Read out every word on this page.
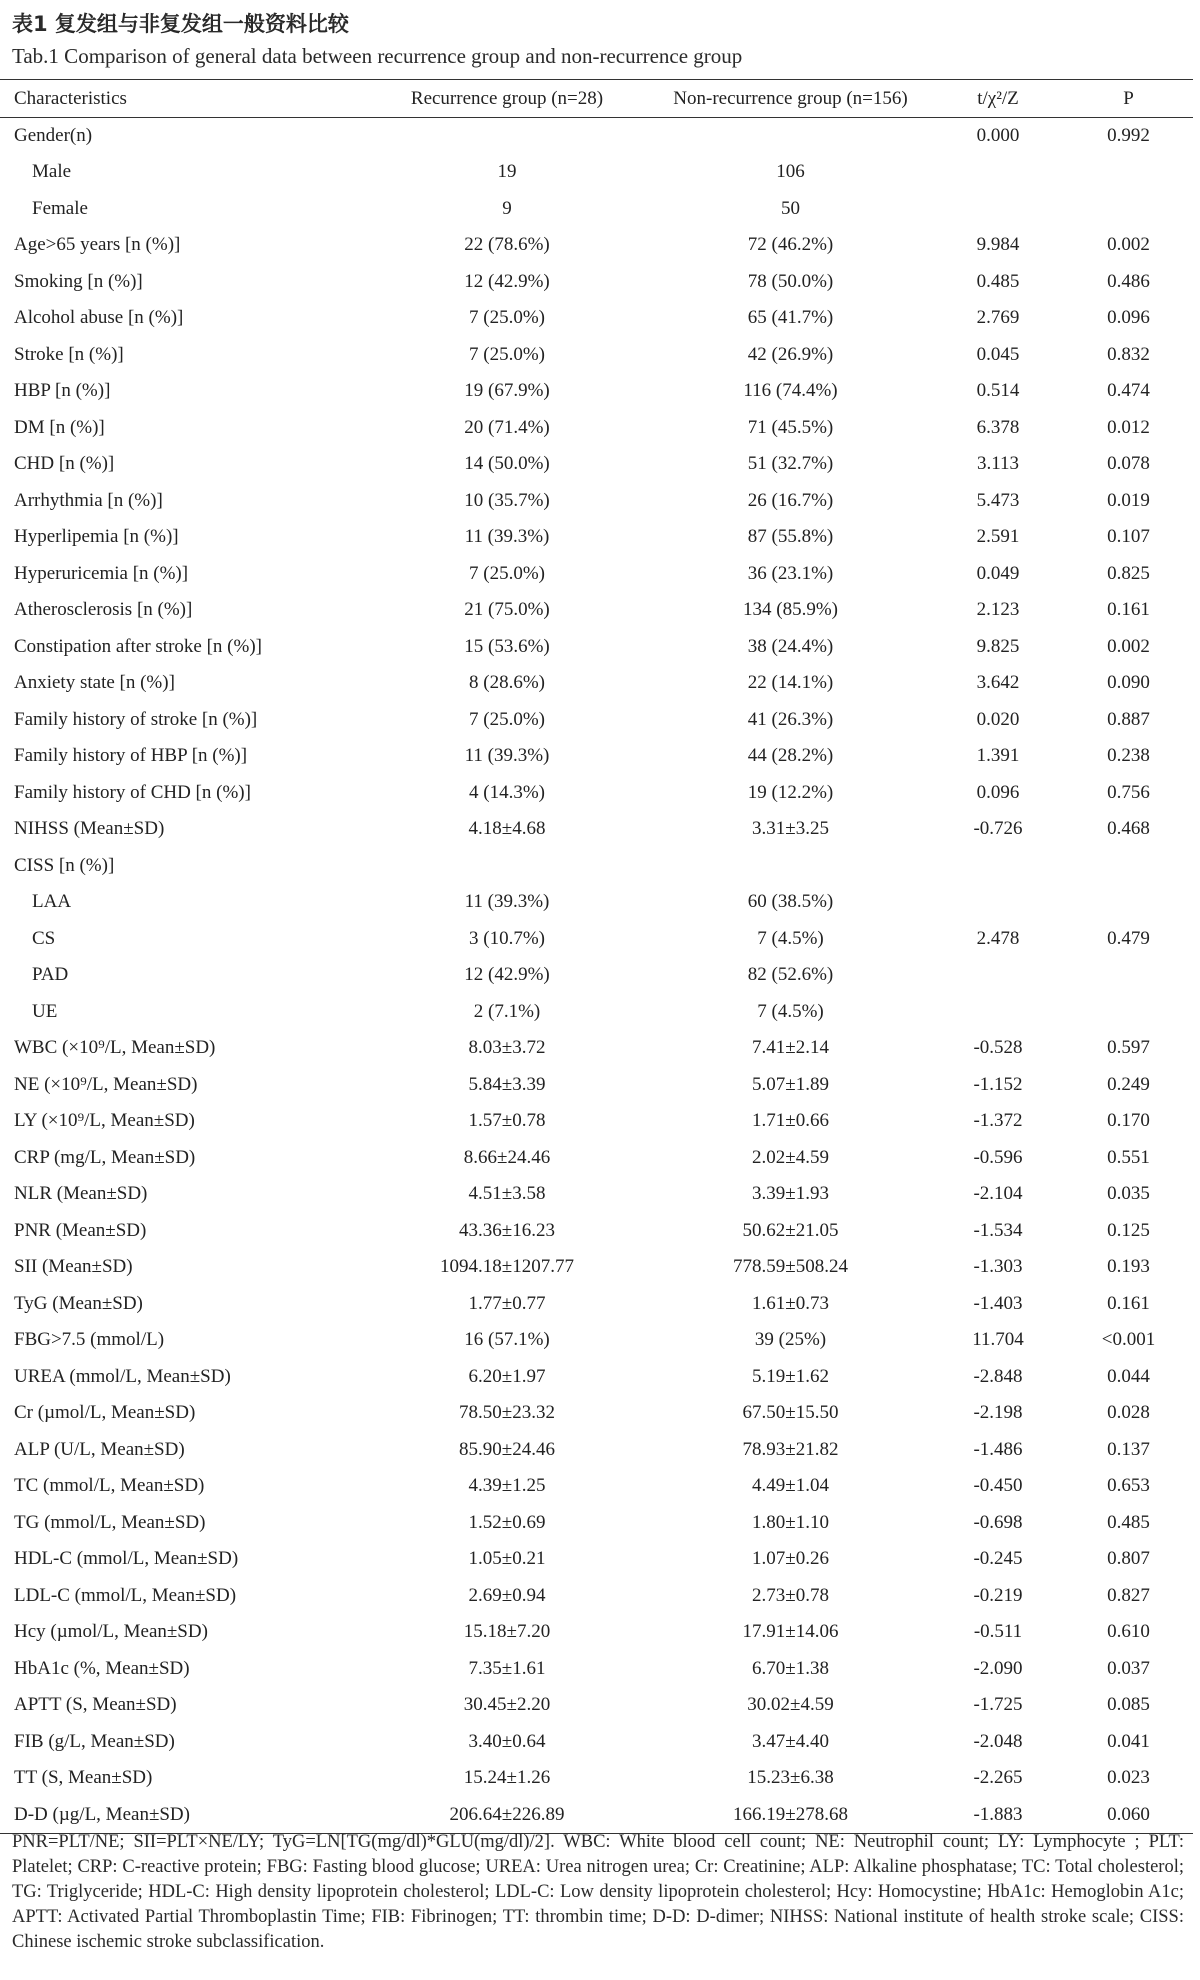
表1 复发组与非复发组一般资料比较
Tab.1 Comparison of general data between recurrence group and non-recurrence group
Characteristics	Recurrence group (n=28)	Non-recurrence group (n=156)	t/χ²/Z	P
Gender(n)			0.000	0.992
Male	19	106		
Female	9	50		
Age>65 years [n (%)]	22 (78.6%)	72 (46.2%)	9.984	0.002
Smoking [n (%)]	12 (42.9%)	78 (50.0%)	0.485	0.486
Alcohol abuse [n (%)]	7 (25.0%)	65 (41.7%)	2.769	0.096
Stroke [n (%)]	7 (25.0%)	42 (26.9%)	0.045	0.832
HBP [n (%)]	19 (67.9%)	116 (74.4%)	0.514	0.474
DM [n (%)]	20 (71.4%)	71 (45.5%)	6.378	0.012
CHD [n (%)]	14 (50.0%)	51 (32.7%)	3.113	0.078
Arrhythmia [n (%)]	10 (35.7%)	26 (16.7%)	5.473	0.019
Hyperlipemia [n (%)]	11 (39.3%)	87 (55.8%)	2.591	0.107
Hyperuricemia [n (%)]	7 (25.0%)	36 (23.1%)	0.049	0.825
Atherosclerosis [n (%)]	21 (75.0%)	134 (85.9%)	2.123	0.161
Constipation after stroke [n (%)]	15 (53.6%)	38 (24.4%)	9.825	0.002
Anxiety state [n (%)]	8 (28.6%)	22 (14.1%)	3.642	0.090
Family history of stroke [n (%)]	7 (25.0%)	41 (26.3%)	0.020	0.887
Family history of HBP [n (%)]	11 (39.3%)	44 (28.2%)	1.391	0.238
Family history of CHD [n (%)]	4 (14.3%)	19 (12.2%)	0.096	0.756
NIHSS (Mean±SD)	4.18±4.68	3.31±3.25	-0.726	0.468
CISS [n (%)]				
LAA	11 (39.3%)	60 (38.5%)		
CS	3 (10.7%)	7 (4.5%)	2.478	0.479
PAD	12 (42.9%)	82 (52.6%)		
UE	2 (7.1%)	7 (4.5%)		
WBC (×10⁹/L, Mean±SD)	8.03±3.72	7.41±2.14	-0.528	0.597
NE (×10⁹/L, Mean±SD)	5.84±3.39	5.07±1.89	-1.152	0.249
LY (×10⁹/L, Mean±SD)	1.57±0.78	1.71±0.66	-1.372	0.170
CRP (mg/L, Mean±SD)	8.66±24.46	2.02±4.59	-0.596	0.551
NLR (Mean±SD)	4.51±3.58	3.39±1.93	-2.104	0.035
PNR (Mean±SD)	43.36±16.23	50.62±21.05	-1.534	0.125
SII (Mean±SD)	1094.18±1207.77	778.59±508.24	-1.303	0.193
TyG (Mean±SD)	1.77±0.77	1.61±0.73	-1.403	0.161
FBG>7.5 (mmol/L)	16 (57.1%)	39 (25%)	11.704	<0.001
UREA (mmol/L, Mean±SD)	6.20±1.97	5.19±1.62	-2.848	0.044
Cr (µmol/L, Mean±SD)	78.50±23.32	67.50±15.50	-2.198	0.028
ALP (U/L, Mean±SD)	85.90±24.46	78.93±21.82	-1.486	0.137
TC (mmol/L, Mean±SD)	4.39±1.25	4.49±1.04	-0.450	0.653
TG (mmol/L, Mean±SD)	1.52±0.69	1.80±1.10	-0.698	0.485
HDL-C (mmol/L, Mean±SD)	1.05±0.21	1.07±0.26	-0.245	0.807
LDL-C (mmol/L, Mean±SD)	2.69±0.94	2.73±0.78	-0.219	0.827
Hcy (µmol/L, Mean±SD)	15.18±7.20	17.91±14.06	-0.511	0.610
HbA1c (%, Mean±SD)	7.35±1.61	6.70±1.38	-2.090	0.037
APTT (S, Mean±SD)	30.45±2.20	30.02±4.59	-1.725	0.085
FIB (g/L, Mean±SD)	3.40±0.64	3.47±4.40	-2.048	0.041
TT (S, Mean±SD)	15.24±1.26	15.23±6.38	-2.265	0.023
D-D (µg/L, Mean±SD)	206.64±226.89	166.19±278.68	-1.883	0.060
PNR=PLT/NE; SII=PLT×NE/LY; TyG=LN[TG(mg/dl)*GLU(mg/dl)/2]. WBC: White blood cell count; NE: Neutrophil count; LY: Lymphocyte ; PLT: Platelet; CRP: C-reactive protein; FBG: Fasting blood glucose; UREA: Urea nitrogen urea; Cr: Creatinine; ALP: Alkaline phosphatase; TC: Total cholesterol; TG: Triglyceride; HDL-C: High density lipoprotein cholesterol; LDL-C: Low density lipoprotein cholesterol; Hcy: Homocystine; HbA1c: Hemoglobin A1c; APTT: Activated Partial Thromboplastin Time; FIB: Fibrinogen; TT: thrombin time; D-D: D-dimer; NIHSS: National institute of health stroke scale; CISS: Chinese ischemic stroke subclassification.
